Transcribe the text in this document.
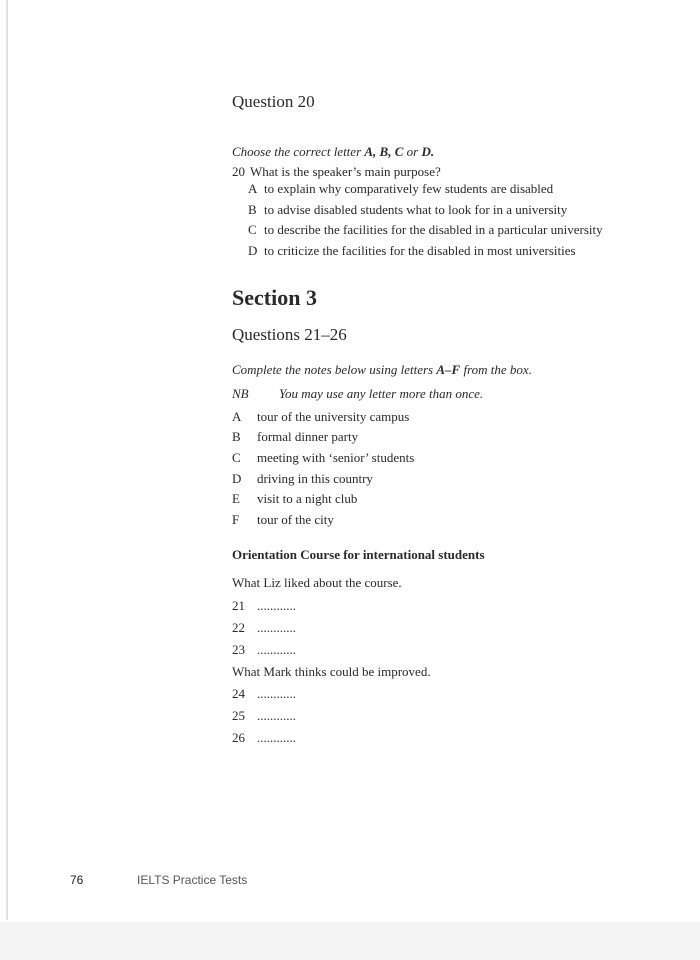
Question 20
Choose the correct letter A, B, C or D.
20 What is the speaker’s main purpose?
A to explain why comparatively few students are disabled
B to advise disabled students what to look for in a university
C to describe the facilities for the disabled in a particular university
D to criticize the facilities for the disabled in most universities
Section 3
Questions 21–26
Complete the notes below using letters A–F from the box.
NB You may use any letter more than once.
A tour of the university campus
B formal dinner party
C meeting with ‘senior’ students
D driving in this country
E visit to a night club
F tour of the city
Orientation Course for international students
What Liz liked about the course.
21 ............
22 ............
23 ............
What Mark thinks could be improved.
24 ............
25 ............
26 ............
76	IELTS Practice Tests
